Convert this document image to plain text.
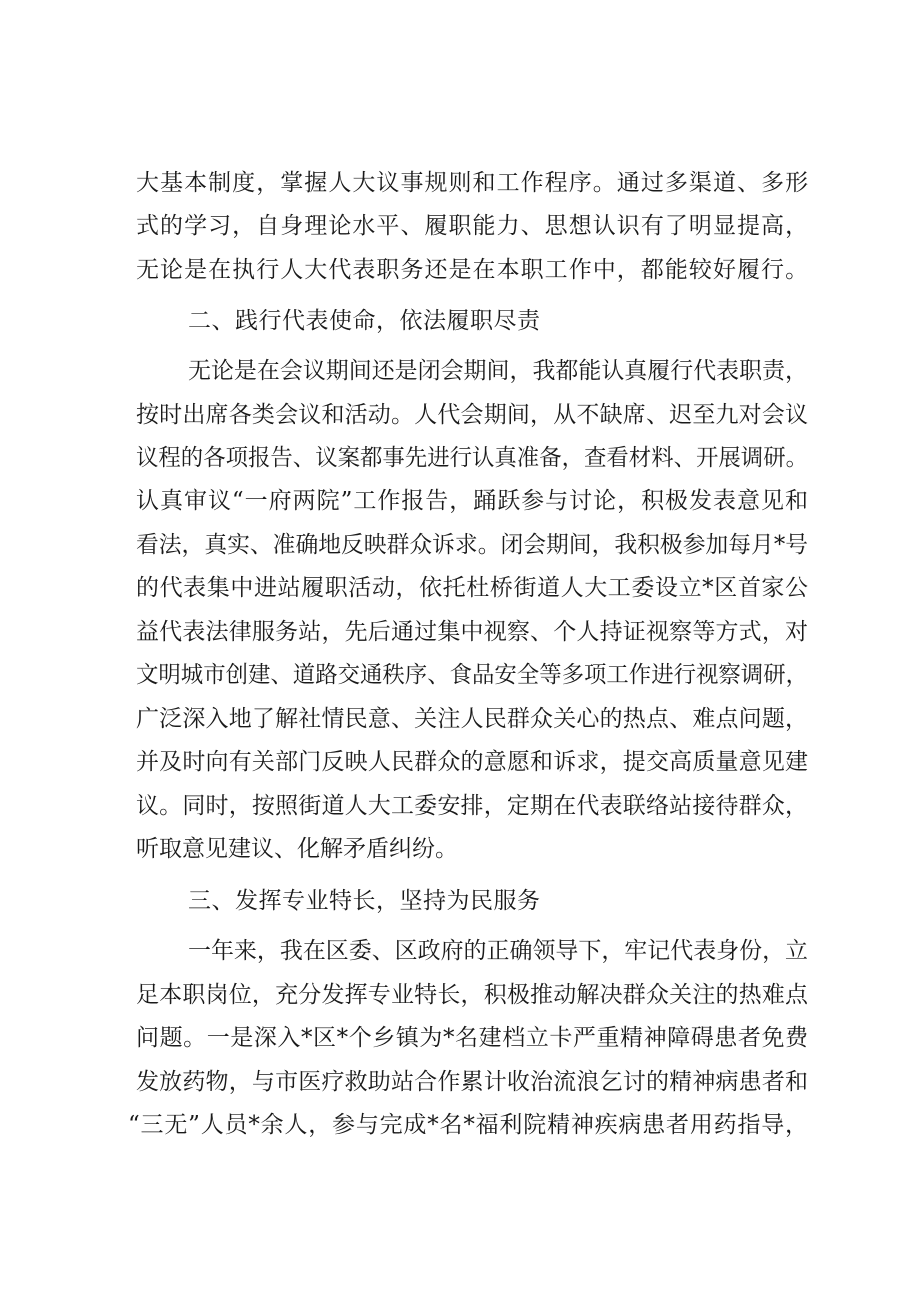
大基本制度，掌握人大议事规则和工作程序。通过多渠道、多形
式的学习，自身理论水平、履职能力、思想认识有了明显提高，
无论是在执行人大代表职务还是在本职工作中，都能较好履行。
二、践行代表使命，依法履职尽责
无论是在会议期间还是闭会期间，我都能认真履行代表职责，
按时出席各类会议和活动。人代会期间，从不缺席、迟至九对会议
议程的各项报告、议案都事先进行认真准备，查看材料、开展调研。
认真审议“一府两院”工作报告，踊跃参与讨论，积极发表意见和
看法，真实、准确地反映群众诉求。闭会期间，我积极参加每月*号
的代表集中进站履职活动，依托杜桥街道人大工委设立*区首家公
益代表法律服务站，先后通过集中视察、个人持证视察等方式，对
文明城市创建、道路交通秩序、食品安全等多项工作进行视察调研，
广泛深入地了解社情民意、关注人民群众关心的热点、难点问题，
并及时向有关部门反映人民群众的意愿和诉求，提交高质量意见建
议。同时，按照街道人大工委安排，定期在代表联络站接待群众，
听取意见建议、化解矛盾纠纷。
三、发挥专业特长，坚持为民服务
一年来，我在区委、区政府的正确领导下，牢记代表身份，立
足本职岗位，充分发挥专业特长，积极推动解决群众关注的热难点
问题。一是深入*区*个乡镇为*名建档立卡严重精神障碍患者免费
发放药物，与市医疗救助站合作累计收治流浪乞讨的精神病患者和
“三无”人员*余人，参与完成*名*福利院精神疾病患者用药指导，
